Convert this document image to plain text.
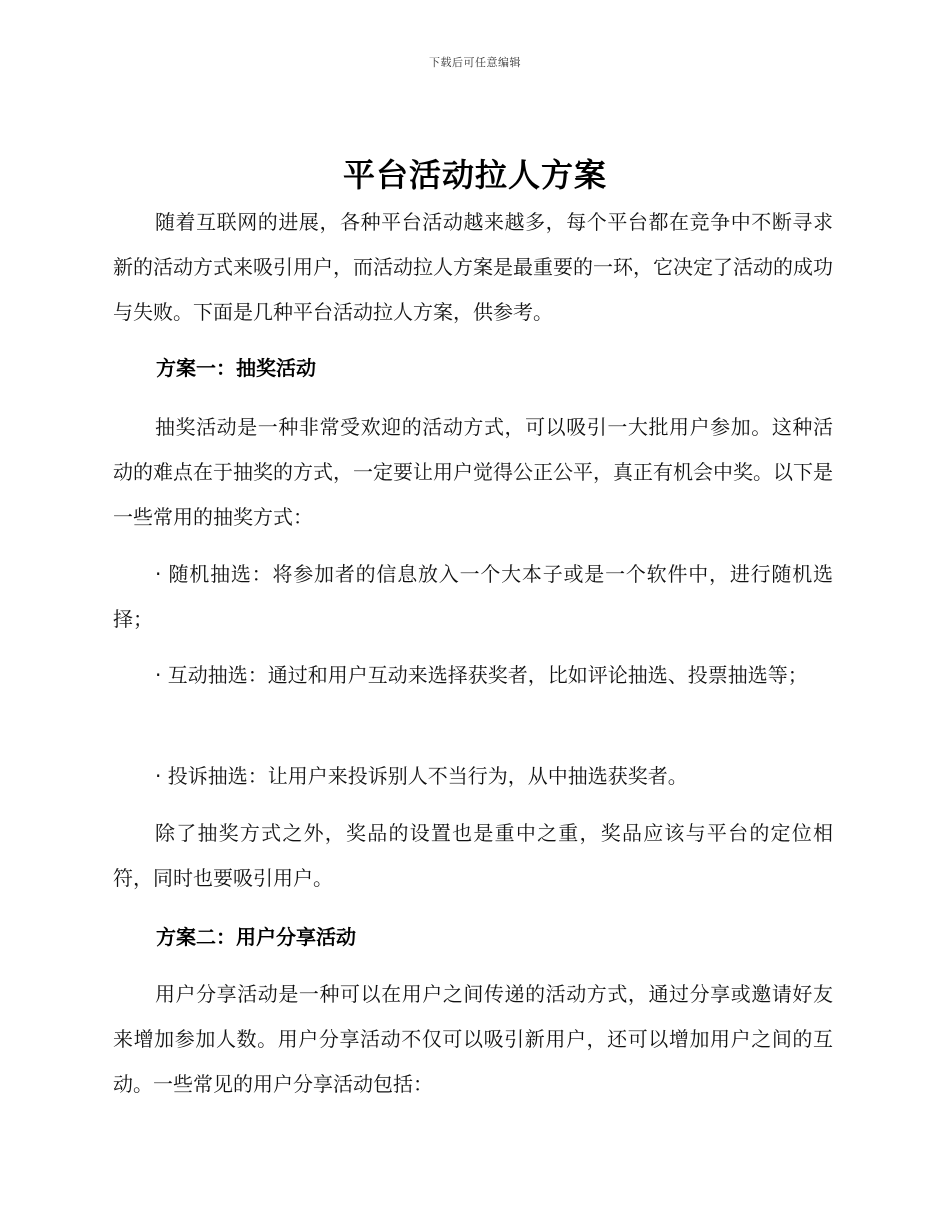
下载后可任意编辑
平台活动拉人方案
随着互联网的进展，各种平台活动越来越多，每个平台都在竞争中不断寻求新的活动方式来吸引用户，而活动拉人方案是最重要的一环，它决定了活动的成功与失败。下面是几种平台活动拉人方案，供参考。
方案一：抽奖活动
抽奖活动是一种非常受欢迎的活动方式，可以吸引一大批用户参加。这种活动的难点在于抽奖的方式，一定要让用户觉得公正公平，真正有机会中奖。以下是一些常用的抽奖方式：
· 随机抽选：将参加者的信息放入一个大本子或是一个软件中，进行随机选择；
· 互动抽选：通过和用户互动来选择获奖者，比如评论抽选、投票抽选等；
· 投诉抽选：让用户来投诉别人不当行为，从中抽选获奖者。
除了抽奖方式之外，奖品的设置也是重中之重，奖品应该与平台的定位相符，同时也要吸引用户。
方案二：用户分享活动
用户分享活动是一种可以在用户之间传递的活动方式，通过分享或邀请好友来增加参加人数。用户分享活动不仅可以吸引新用户，还可以增加用户之间的互动。一些常见的用户分享活动包括：
